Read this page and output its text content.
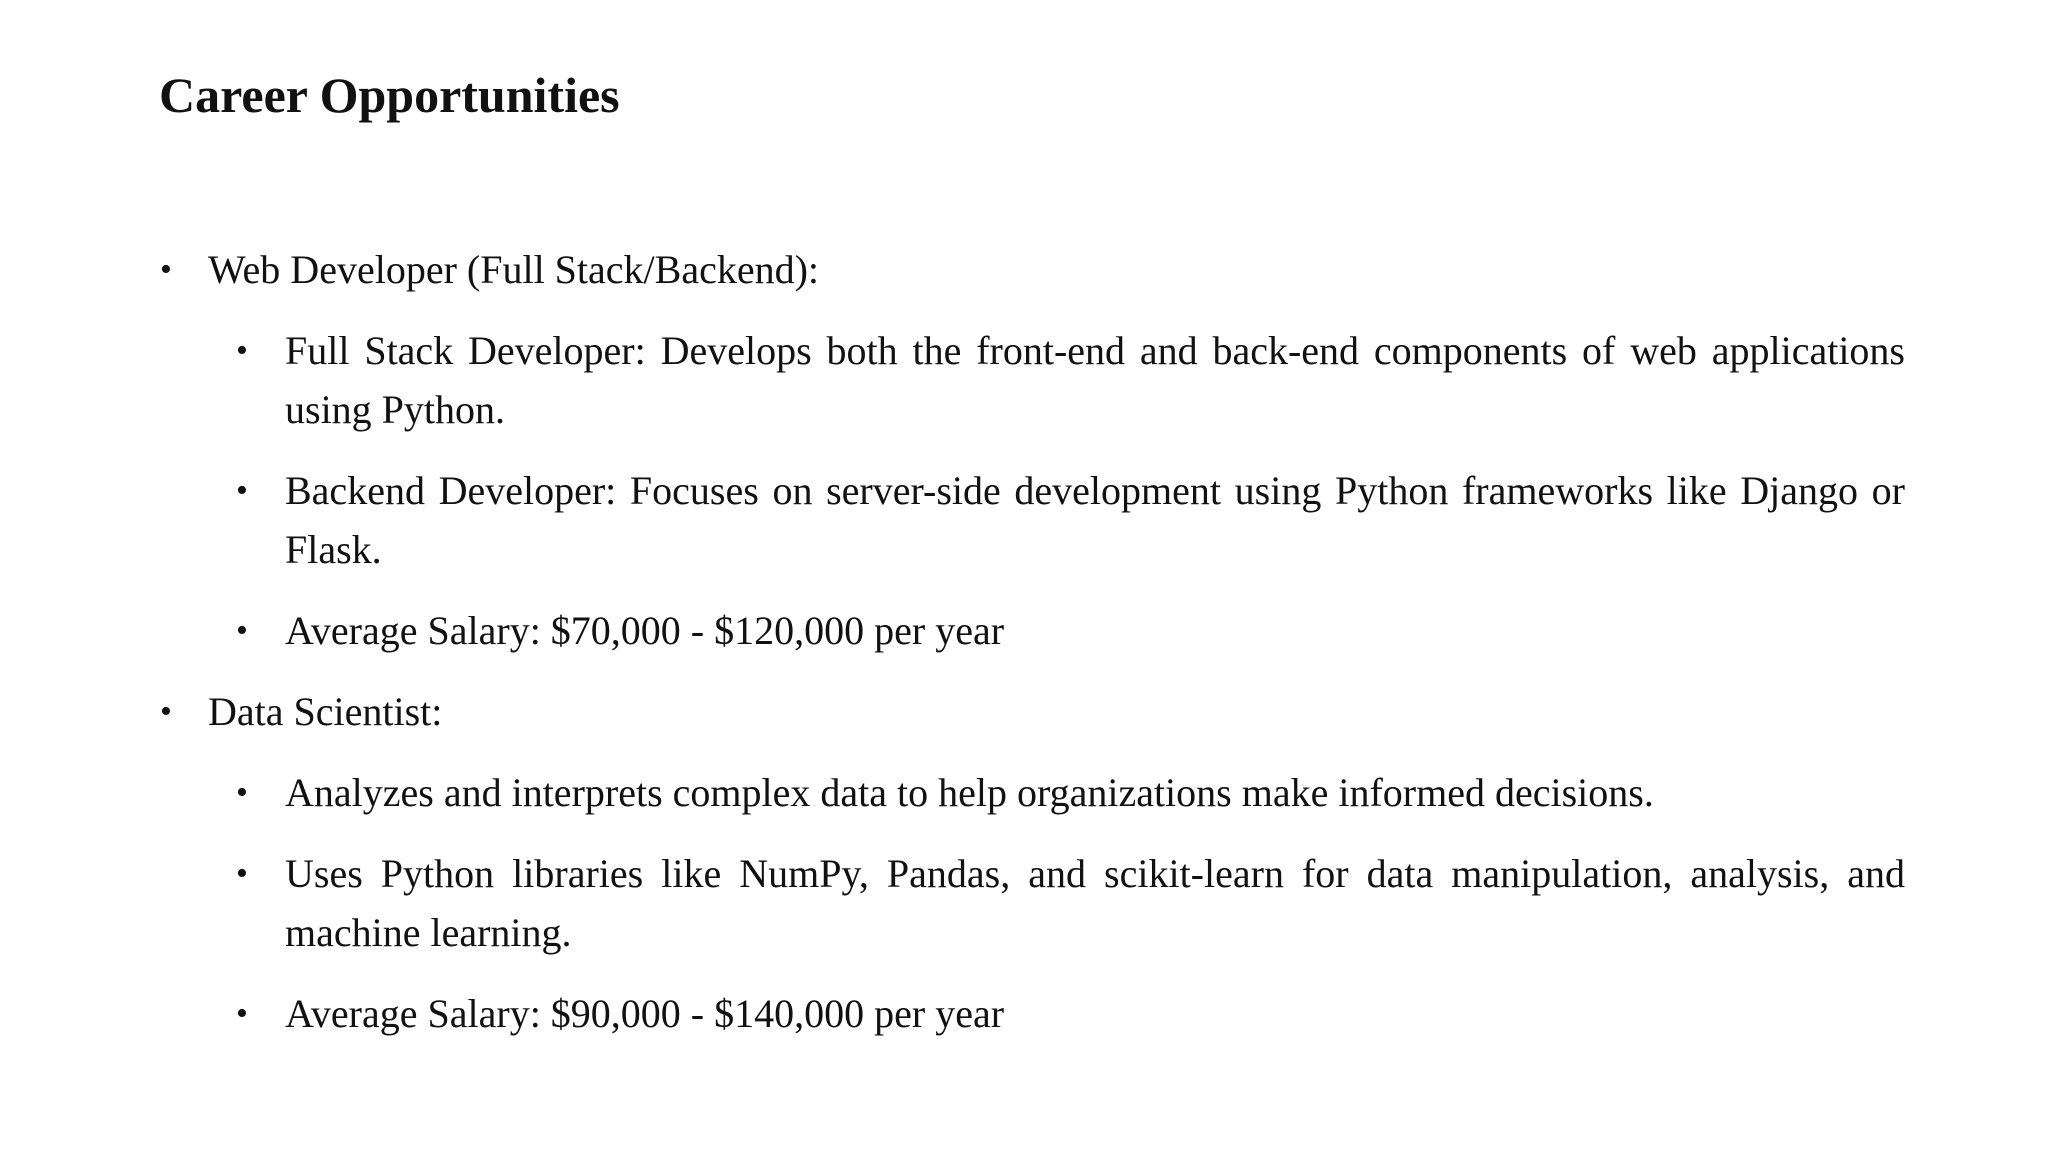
Career Opportunities
• Web Developer (Full Stack/Backend):
• Full Stack Developer: Develops both the front-end and back-end components of web applications using Python.
• Backend Developer: Focuses on server-side development using Python frameworks like Django or Flask.
• Average Salary: $70,000 - $120,000 per year
• Data Scientist:
• Analyzes and interprets complex data to help organizations make informed decisions.
• Uses Python libraries like NumPy, Pandas, and scikit-learn for data manipulation, analysis, and machine learning.
• Average Salary: $90,000 - $140,000 per year
